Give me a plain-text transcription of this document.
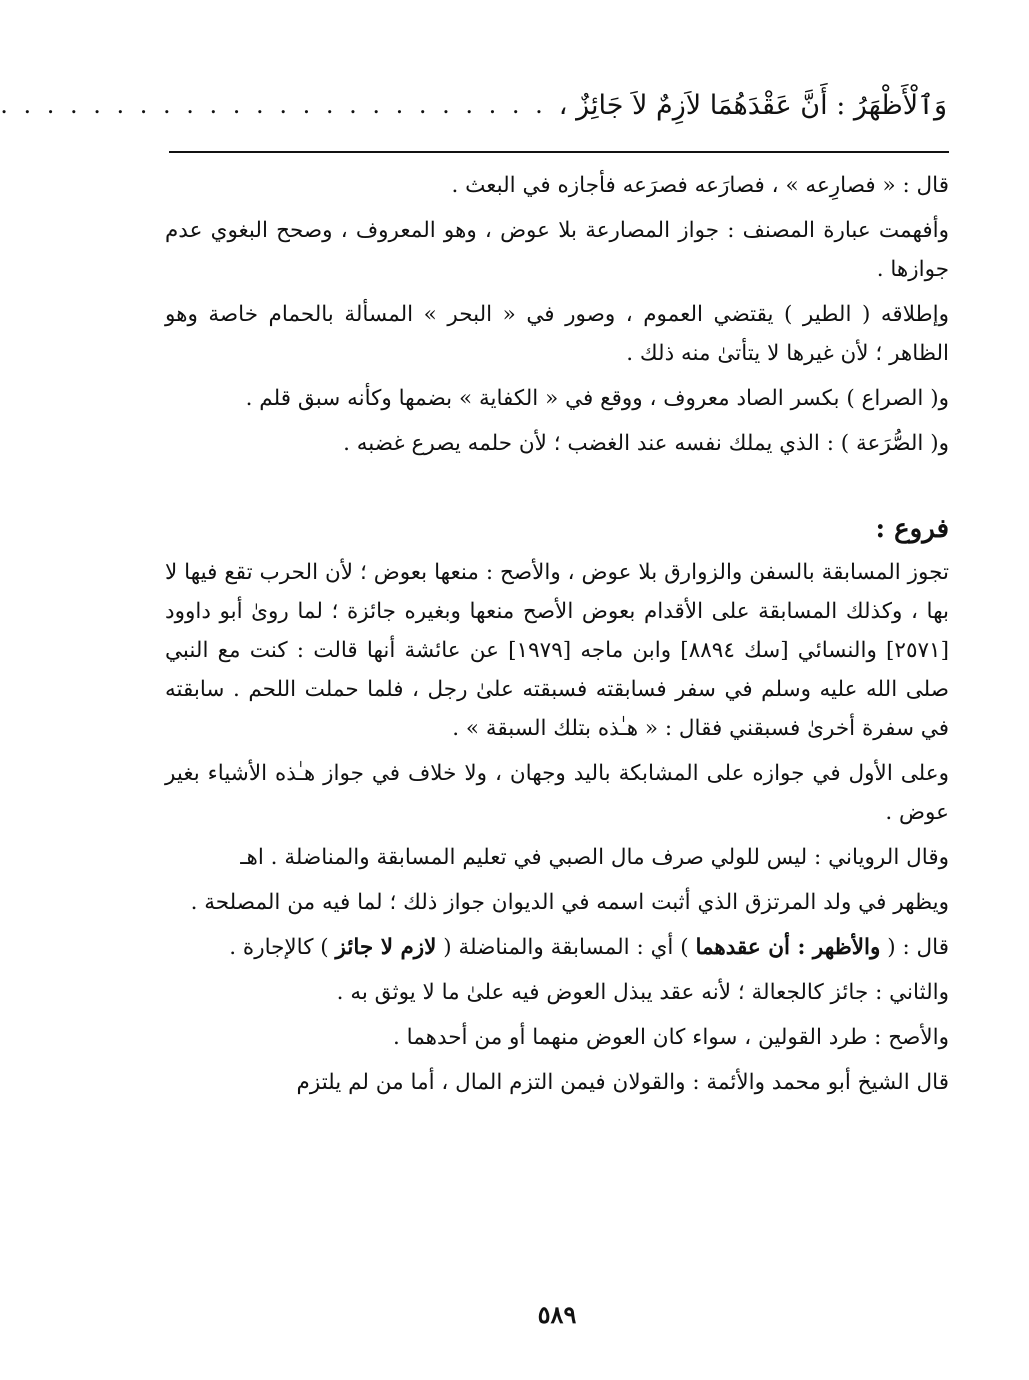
وَٱلْأَظْهَرُ : أَنَّ عَقْدَهُمَا لاَزِمٌ لاَ جَائِزٌ ،
. . . . . . . . . . . . . . . . . . . . . . . .

قال : « فصارِعه » ، فصارَعه فصرَعه فأجازه في البعث .

وأفهمت عبارة المصنف : جواز المصارعة بلا عوض ، وهو المعروف ، وصحح البغوي عدم جوازها .

وإطلاقه ( الطير ) يقتضي العموم ، وصور في « البحر » المسألة بالحمام خاصة وهو الظاهر ؛ لأن غيرها لا يتأتىٰ منه ذلك .

و( الصراع ) بكسر الصاد معروف ، ووقع في « الكفاية » بضمها وكأنه سبق قلم .

و( الصُّرَعة ) : الذي يملك نفسه عند الغضب ؛ لأن حلمه يصرع غضبه .

فروع :

تجوز المسابقة بالسفن والزوارق بلا عوض ، والأصح : منعها بعوض ؛ لأن الحرب تقع فيها لا بها ، وكذلك المسابقة على الأقدام بعوض الأصح منعها وبغيره جائزة ؛ لما روىٰ أبو داوود [٢٥٧١] والنسائي [سك ٨٨٩٤] وابن ماجه [١٩٧٩] عن عائشة أنها قالت : كنت مع النبي صلى الله عليه وسلم في سفر فسابقته فسبقته علىٰ رجل ، فلما حملت اللحم . سابقته في سفرة أخرىٰ فسبقني فقال : « هـٰذه بتلك السبقة » .

وعلى الأول في جوازه على المشابكة باليد وجهان ، ولا خلاف في جواز هـٰذه الأشياء بغير عوض .

وقال الروياني : ليس للولي صرف مال الصبي في تعليم المسابقة والمناضلة . اهـ

ويظهر في ولد المرتزق الذي أثبت اسمه في الديوان جواز ذلك ؛ لما فيه من المصلحة .

قال : ( والأظهر : أن عقدهما ) أي : المسابقة والمناضلة ( لازم لا جائز ) كالإجارة .

والثاني : جائز كالجعالة ؛ لأنه عقد يبذل العوض فيه علىٰ ما لا يوثق به .

والأصح : طرد القولين ، سواء كان العوض منهما أو من أحدهما .

قال الشيخ أبو محمد والأئمة : والقولان فيمن التزم المال ، أما من لم يلتزم

٥٨٩
